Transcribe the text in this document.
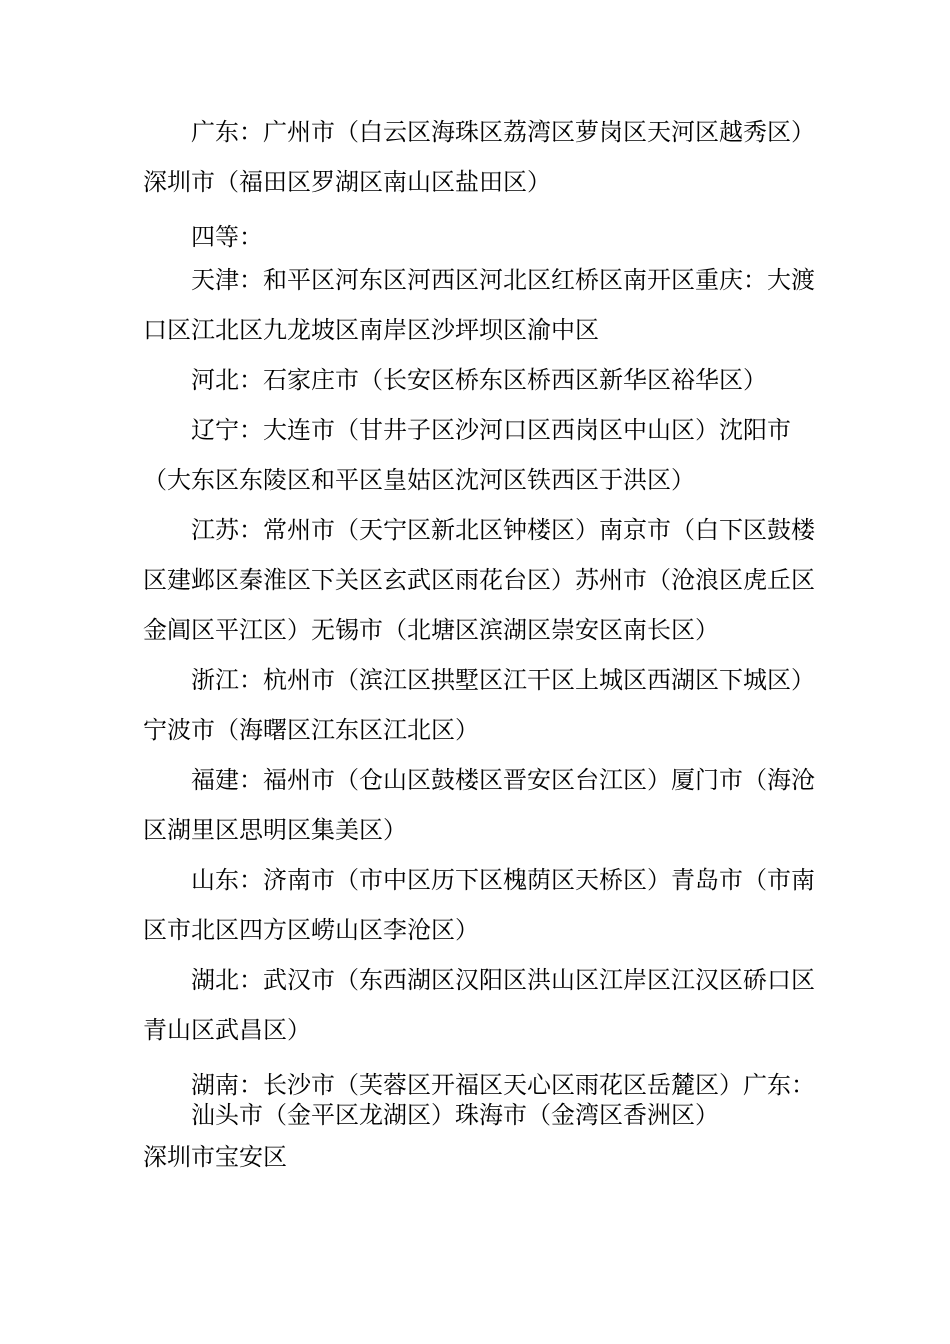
广东：广州市（白云区海珠区荔湾区萝岗区天河区越秀区）
深圳市（福田区罗湖区南山区盐田区）
四等：
天津：和平区河东区河西区河北区红桥区南开区重庆：大渡
口区江北区九龙坡区南岸区沙坪坝区渝中区
河北：石家庄市（长安区桥东区桥西区新华区裕华区）
辽宁：大连市（甘井子区沙河口区西岗区中山区）沈阳市
（大东区东陵区和平区皇姑区沈河区铁西区于洪区）
江苏：常州市（天宁区新北区钟楼区）南京市（白下区鼓楼
区建邺区秦淮区下关区玄武区雨花台区）苏州市（沧浪区虎丘区
金阊区平江区）无锡市（北塘区滨湖区崇安区南长区）
浙江：杭州市（滨江区拱墅区江干区上城区西湖区下城区）
宁波市（海曙区江东区江北区）
福建：福州市（仓山区鼓楼区晋安区台江区）厦门市（海沧
区湖里区思明区集美区）
山东：济南市（市中区历下区槐荫区天桥区）青岛市（市南
区市北区四方区崂山区李沧区）
湖北：武汉市（东西湖区汉阳区洪山区江岸区江汉区硚口区
青山区武昌区）
湖南：长沙市（芙蓉区开福区天心区雨花区岳麓区）广东：
汕头市（金平区龙湖区）珠海市（金湾区香洲区）
深圳市宝安区
